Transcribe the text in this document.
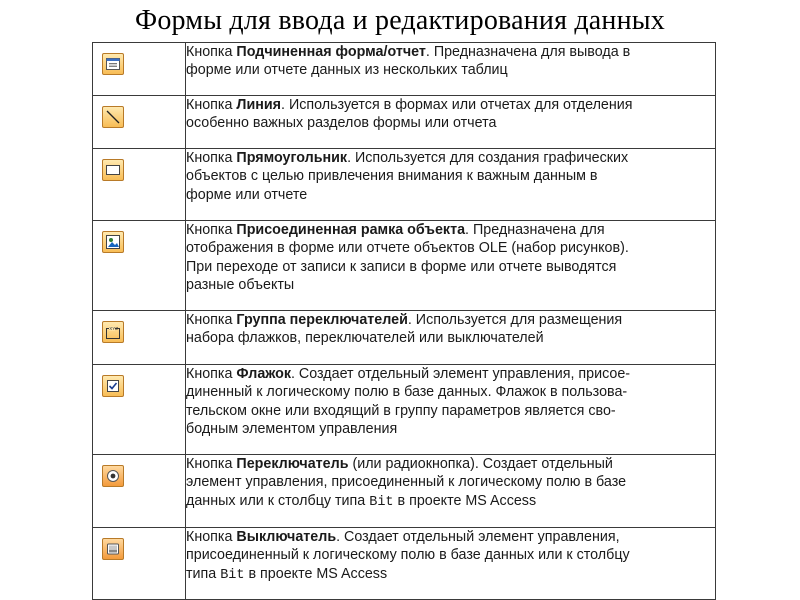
Формы для ввода и редактирования данных
	Кнопка Подчиненная форма/отчет. Предназначена для вывода в
форме или отчете данных из нескольких таблиц

	Кнопка Линия. Используется в формах или отчетах для отделения
особенно важных разделов формы или отчета

	Кнопка Прямоугольник. Используется для создания графических
объектов с целью привлечения внимания к важным данным в
форме или отчете

	Кнопка Присоединенная рамка объекта. Предназначена для
отображения в форме или отчете объектов OLE (набор рисунков).
При переходе от записи к записи в форме или отчете выводятся
разные объекты

XYZ	Кнопка Группа переключателей. Используется для размещения
набора флажков, переключателей или выключателей

	Кнопка Флажок. Создает отдельный элемент управления, присое-
диненный к логическому полю в базе данных. Флажок в пользова-
тельском окне или входящий в группу параметров является сво-
бодным элементом управления

	Кнопка Переключатель (или радиокнопка). Создает отдельный
элемент управления, присоединенный к логическому полю в базе
данных или к столбцу типа Bit в проекте MS Access

	Кнопка Выключатель. Создает отдельный элемент управления,
присоединенный к логическому полю в базе данных или к столбцу
типа Bit в проекте MS Access
